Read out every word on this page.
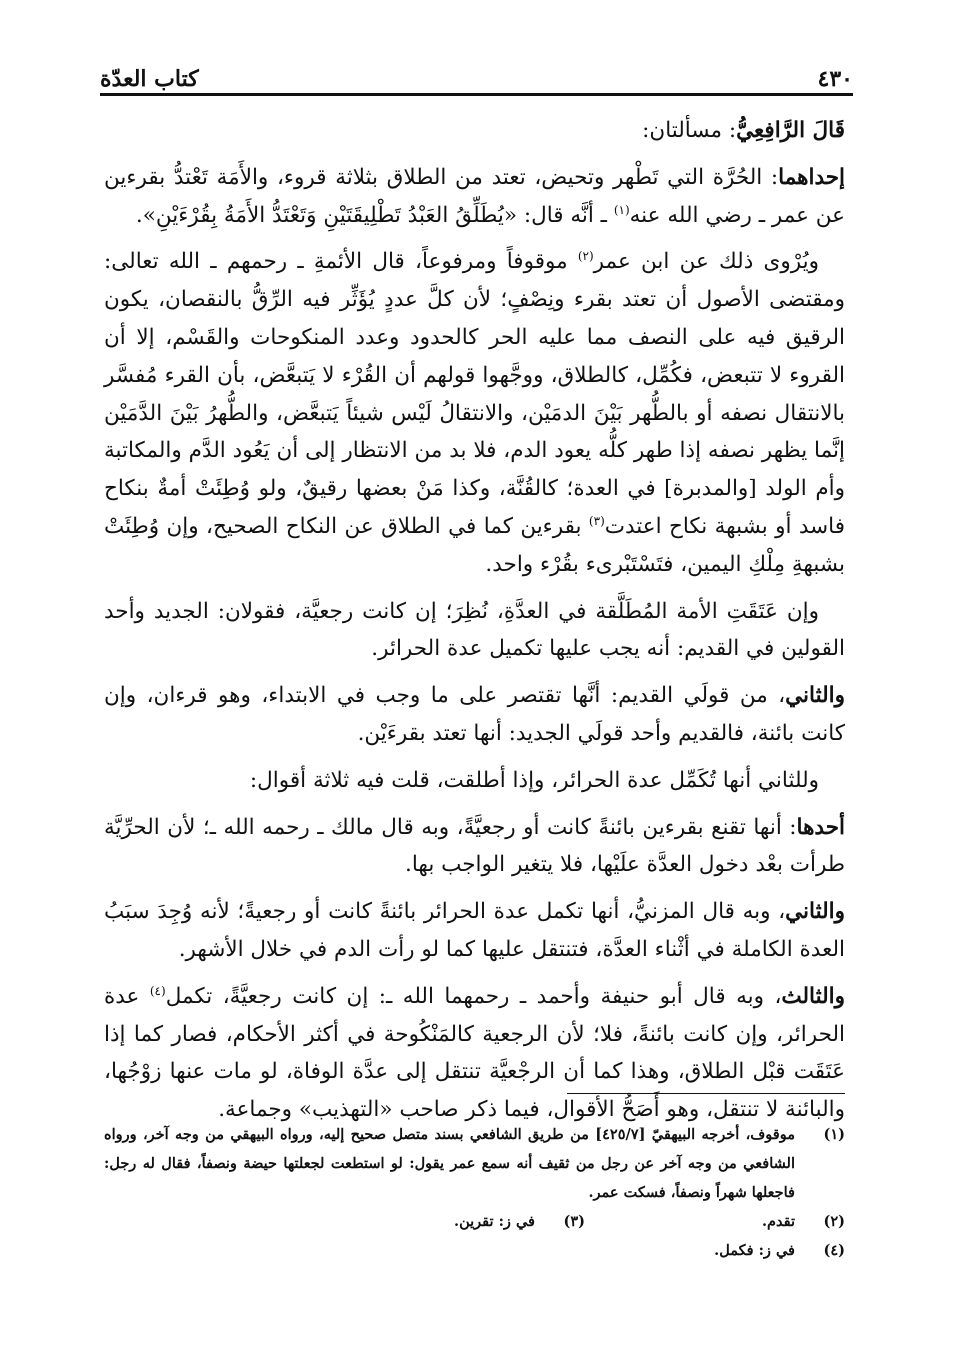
٤٣٠
كتاب العدّة

قَالَ الرَّافِعِيُّ: مسألتان:

إحداهما: الحُرَّة التي تَطْهر وتحيض، تعتد من الطلاق بثلاثة قروء، والأَمَة تَعْتدُّ بقرءين عن عمر ـ رضي الله عنه$^{(١)}$ ـ أنَّه قال: «يُطَلِّقُ العَبْدُ تَطْلِيقَتَيْنِ وَتَعْتَدُّ الأَمَةُ بِقُرْءَيْنِ».

ويُرْوى ذلك عن ابن عمر$^{(٢)}$ موقوفاً ومرفوعاً، قال الأئمةِ ـ رحمهم ـ الله تعالى: ومقتضى الأصول أن تعتد بقرء ونِصْفٍ؛ لأن كلَّ عددٍ يُؤَثِّر فيه الرِّقُّ بالنقصان، يكون الرقيق فيه على النصف مما عليه الحر كالحدود وعدد المنكوحات والقَسْم، إلا أن القروء لا تتبعض، فكُمِّل، كالطلاق، ووجَّهوا قولهم أن القُرْء لا يَتبعَّض، بأن القرء مُفسَّر بالانتقال نصفه أو بالطُّهر بَيْنَ الدمَيْن، والانتقالُ لَيْس شيئاً يَتبعَّض، والطُّهرُ بَيْنَ الدَّمَيْن إنَّما يظهر نصفه إذا طهر كلُّه يعود الدم، فلا بد من الانتظار إلى أن يَعُود الدَّم والمكاتبة وأم الولد [والمدبرة] في العدة؛ كالقُنَّة، وكذا مَنْ بعضها رقيقٌ، ولو وُطِئَتْ أمةٌ بنكاح فاسد أو بشبهة نكاح اعتدت$^{(٣)}$ بقرءين كما في الطلاق عن النكاح الصحيح، وإن وُطِئَتْ بشبهةِ مِلْكِ اليمين، فتَسْتَبْرىء بقُرْء واحد.

وإن عَتَقَتِ الأمة المُطَلَّقة في العدَّةِ، نُظِرَ؛ إن كانت رجعيَّة، فقولان: الجديد وأحد القولين في القديم: أنه يجب عليها تكميل عدة الحرائر.

والثاني، من قولَي القديم: أنَّها تقتصر على ما وجب في الابتداء، وهو قرءان، وإن كانت بائنة، فالقديم وأحد قولَي الجديد: أنها تعتد بقرءَيْن.

وللثاني أنها تُكَمِّل عدة الحرائر، وإذا أطلقت، قلت فيه ثلاثة أقوال:

أحدها: أنها تقنع بقرءين بائنةً كانت أو رجعيَّةً، وبه قال مالك ـ رحمه الله ـ؛ لأن الحرِّيَّة طرأت بعْد دخول العدَّة علَيْها، فلا يتغير الواجب بها.

والثاني، وبه قال المزنيُّ، أنها تكمل عدة الحرائر بائنةً كانت أو رجعيةً؛ لأنه وُجِدَ سبَبُ العدة الكاملة في أثْناء العدَّة، فتنتقل عليها كما لو رأت الدم في خلال الأشهر.

والثالث، وبه قال أبو حنيفة وأحمد ـ رحمهما الله ـ: إن كانت رجعيَّةً، تكمل$^{(٤)}$ عدة الحرائر، وإن كانت بائنةً، فلا؛ لأن الرجعية كالمَنْكُوحة في أكثر الأحكام، فصار كما إذا عَتَقَت قبْل الطلاق، وهذا كما أن الرجْعيَّة تنتقل إلى عدَّة الوفاة، لو مات عنها زوْجُها، والبائنة لا تنتقل، وهو أَصَحُّ الأقوال، فيما ذكر صاحب «التهذيب» وجماعة.

(١)
موقوف، أخرجه البيهقيّ [٤٢٥/٧] من طريق الشافعي بسند متصل صحيح إليه، ورواه البيهقي من وجه آخر، ورواه الشافعي من وجه آخر عن رجل من ثقيف أنه سمع عمر يقول: لو استطعت لجعلتها حيضة ونصفاً، فقال له رجل: فاجعلها شهراً ونصفاً، فسكت عمر.
(٢)
تقدم.
(٣)
في ز: تقرين.
(٤)
في ز: فكمل.
